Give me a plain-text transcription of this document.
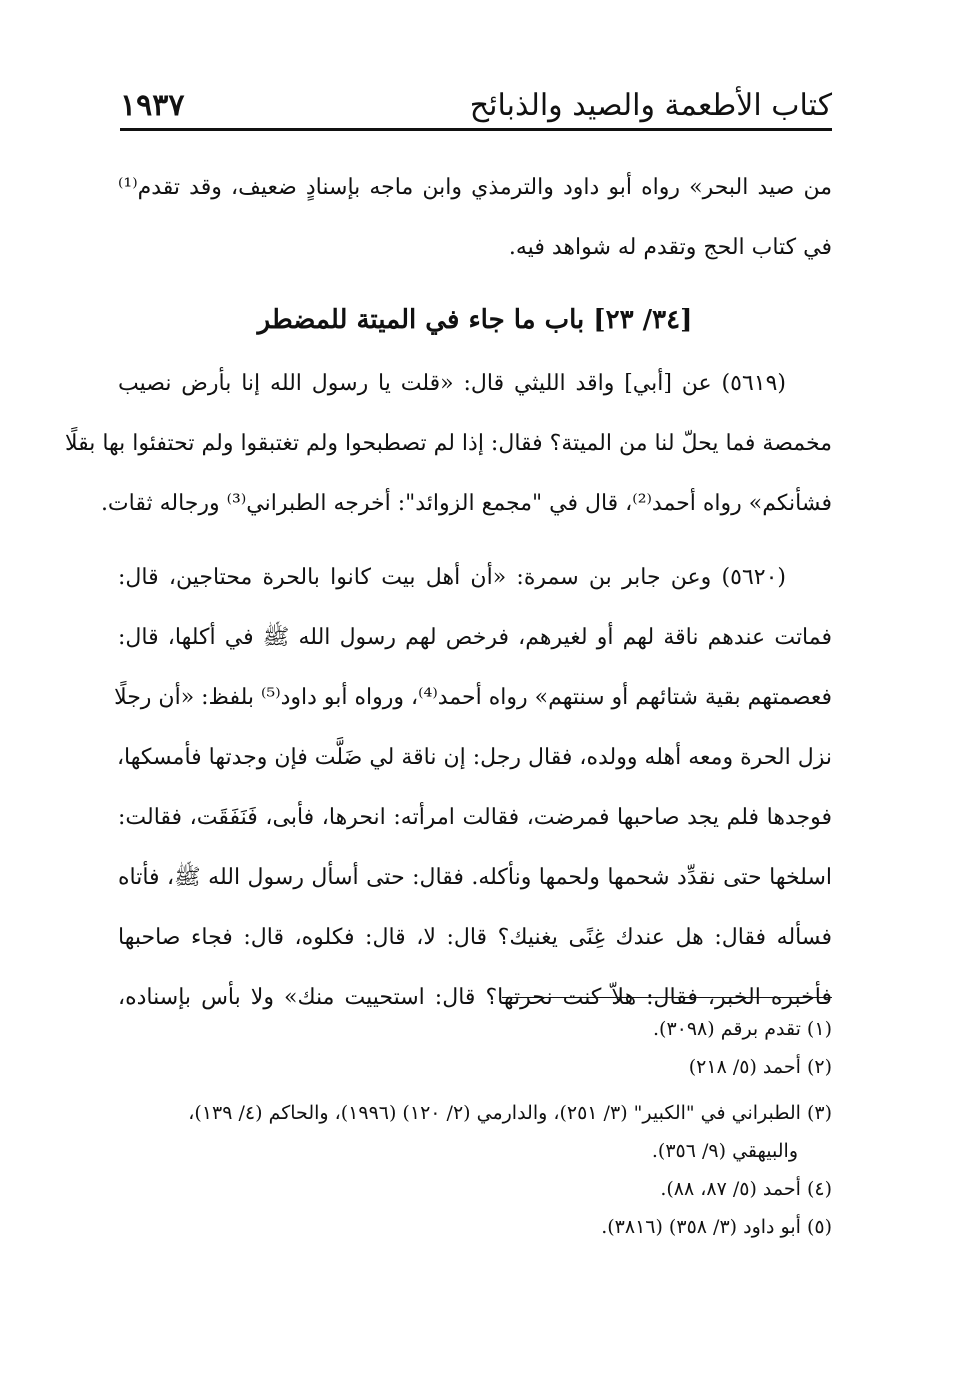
كتاب الأطعمة والصيد والذبائح
١٩٣٧
من صيد البحر» رواه أبو داود والترمذي وابن ماجه بإسنادٍ ضعيف، وقد تقدم⁽¹⁾
في كتاب الحج وتقدم له شواهد فيه.
[٣٤/ ٢٣] باب ما جاء في الميتة للمضطر
(٥٦١٩) عن [أبي] واقد الليثي قال: «قلت يا رسول الله إنا بأرض نصيب
مخمصة فما يحلّ لنا من الميتة؟ فقال: إذا لم تصطبحوا ولم تغتبقوا ولم تحتفئوا بها بقلًا
فشأنكم» رواه أحمد⁽²⁾، قال في "مجمع الزوائد": أخرجه الطبراني⁽³⁾ ورجاله ثقات.
(٥٦٢٠) وعن جابر بن سمرة: «أن أهل بيت كانوا بالحرة محتاجين، قال:
فماتت عندهم ناقة لهم أو لغيرهم، فرخص لهم رسول الله ﷺ في أكلها، قال:
فعصمتهم بقية شتائهم أو سنتهم» رواه أحمد⁽⁴⁾، ورواه أبو داود⁽⁵⁾ بلفظ: «أن رجلًا
نزل الحرة ومعه أهله وولده، فقال رجل: إن ناقة لي ضَلَّت فإن وجدتها فأمسكها،
فوجدها فلم يجد صاحبها فمرضت، فقالت امرأته: انحرها، فأبى، فَنَفَقَت، فقالت:
اسلخها حتى نقدِّد شحمها ولحمها ونأكله. فقال: حتى أسأل رسول الله ﷺ، فأتاه
فسأله فقال: هل عندك غِنًى يغنيك؟ قال: لا، قال: فكلوه، قال: فجاء صاحبها
فأخبره الخبر، فقال: هلاّ كنت نحرتها؟ قال: استحييت منك» ولا بأس بإسناده،
(١) تقدم برقم (٣٠٩٨).
(٢) أحمد (٥/ ٢١٨)
(٣) الطبراني في "الكبير" (٣/ ٢٥١)، والدارمي (٢/ ١٢٠) (١٩٩٦)، والحاكم (٤/ ١٣٩)،
والبيهقي (٩/ ٣٥٦).
(٤) أحمد (٥/ ٨٧، ٨٨).
(٥) أبو داود (٣/ ٣٥٨) (٣٨١٦).
